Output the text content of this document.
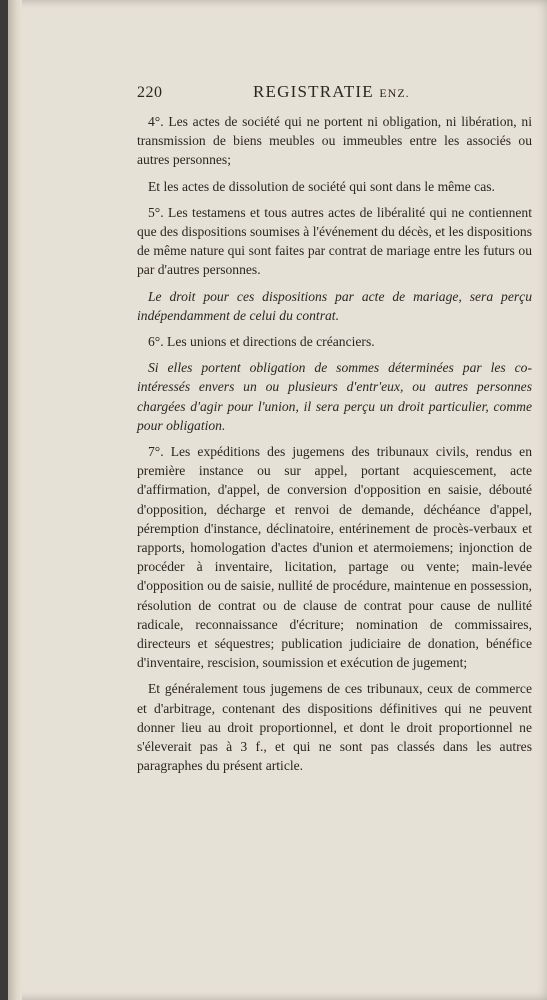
220	REGISTRATIE ENZ.

4°. Les actes de société qui ne portent ni obligation, ni libération, ni transmission de biens meubles ou immeubles entre les associés ou autres personnes;

Et les actes de dissolution de société qui sont dans le même cas.

5°. Les testamens et tous autres actes de libéralité qui ne contiennent que des dispositions soumises à l'événement du décès, et les dispositions de même nature qui sont faites par contrat de mariage entre les futurs ou par d'autres personnes.

Le droit pour ces dispositions par acte de mariage, sera perçu indépendamment de celui du contrat.

6°. Les unions et directions de créanciers.

Si elles portent obligation de sommes déterminées par les co-intéressés envers un ou plusieurs d'entr'eux, ou autres personnes chargées d'agir pour l'union, il sera perçu un droit particulier, comme pour obligation.

7°. Les expéditions des jugemens des tribunaux civils, rendus en première instance ou sur appel, portant acquiescement, acte d'affirmation, d'appel, de conversion d'opposition en saisie, débouté d'opposition, décharge et renvoi de demande, déchéance d'appel, péremption d'instance, déclinatoire, entérinement de procès-verbaux et rapports, homologation d'actes d'union et atermoiemens; injonction de procéder à inventaire, licitation, partage ou vente; main-levée d'opposition ou de saisie, nullité de procédure, maintenue en possession, résolution de contrat ou de clause de contrat pour cause de nullité radicale, reconnaissance d'écriture; nomination de commissaires, directeurs et séquestres; publication judiciaire de donation, bénéfice d'inventaire, rescision, soumission et exécution de jugement;

Et généralement tous jugemens de ces tribunaux, ceux de commerce et d'arbitrage, contenant des dispositions définitives qui ne peuvent donner lieu au droit proportionnel, et dont le droit proportionnel ne s'éleverait pas à 3 f., et qui ne sont pas classés dans les autres paragraphes du présent article.
